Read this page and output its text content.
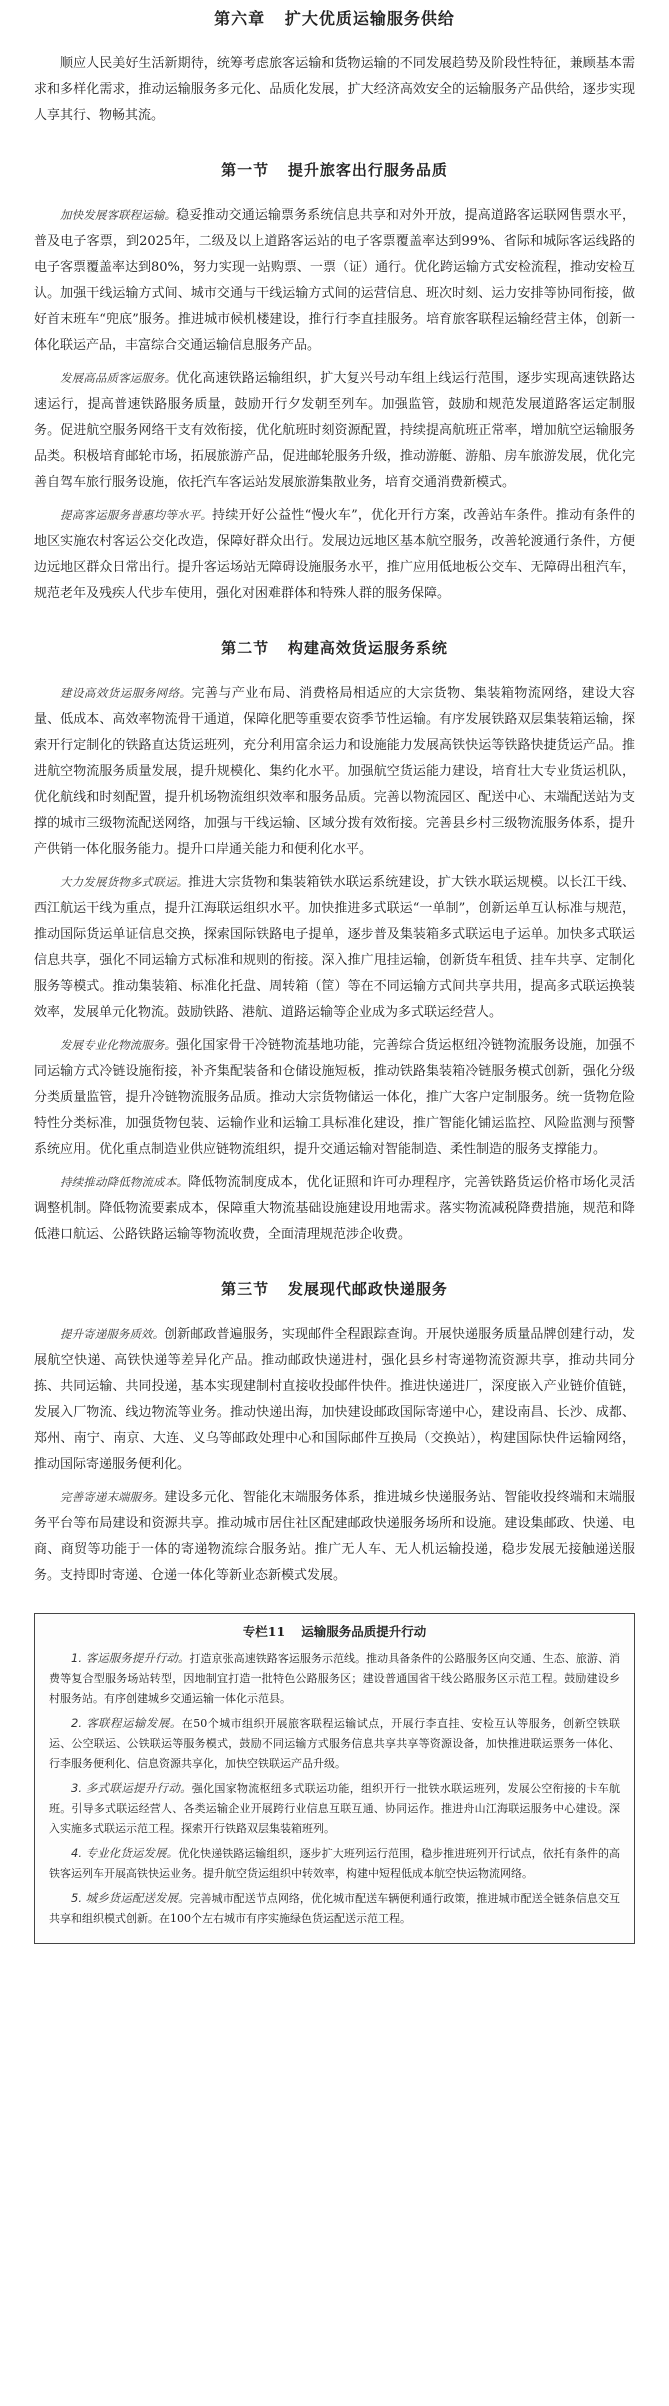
第六章 扩大优质运输服务供给

顺应人民美好生活新期待，统筹考虑旅客运输和货物运输的不同发展趋势及阶段性特征，兼顾基本需求和多样化需求，推动运输服务多元化、品质化发展，扩大经济高效安全的运输服务产品供给，逐步实现人享其行、物畅其流。

第一节 提升旅客出行服务品质

加快发展客联程运输。稳妥推动交通运输票务系统信息共享和对外开放，提高道路客运联网售票水平，普及电子客票，到2025年，二级及以上道路客运站的电子客票覆盖率达到99%、省际和城际客运线路的电子客票覆盖率达到80%，努力实现一站购票、一票（证）通行。优化跨运输方式安检流程，推动安检互认。加强干线运输方式间、城市交通与干线运输方式间的运营信息、班次时刻、运力安排等协同衔接，做好首末班车“兜底”服务。推进城市候机楼建设，推行行李直挂服务。培育旅客联程运输经营主体，创新一体化联运产品，丰富综合交通运输信息服务产品。

发展高品质客运服务。优化高速铁路运输组织，扩大复兴号动车组上线运行范围，逐步实现高速铁路达速运行，提高普速铁路服务质量，鼓励开行夕发朝至列车。加强监管，鼓励和规范发展道路客运定制服务。促进航空服务网络干支有效衔接，优化航班时刻资源配置，持续提高航班正常率，增加航空运输服务品类。积极培育邮轮市场，拓展旅游产品，促进邮轮服务升级，推动游艇、游船、房车旅游发展，优化完善自驾车旅行服务设施，依托汽车客运站发展旅游集散业务，培育交通消费新模式。

提高客运服务普惠均等水平。持续开好公益性“慢火车”，优化开行方案，改善站车条件。推动有条件的地区实施农村客运公交化改造，保障好群众出行。发展边远地区基本航空服务，改善轮渡通行条件，方便边远地区群众日常出行。提升客运场站无障碍设施服务水平，推广应用低地板公交车、无障碍出租汽车，规范老年及残疾人代步车使用，强化对困难群体和特殊人群的服务保障。

第二节 构建高效货运服务系统

建设高效货运服务网络。完善与产业布局、消费格局相适应的大宗货物、集装箱物流网络，建设大容量、低成本、高效率物流骨干通道，保障化肥等重要农资季节性运输。有序发展铁路双层集装箱运输，探索开行定制化的铁路直达货运班列，充分利用富余运力和设施能力发展高铁快运等铁路快捷货运产品。推进航空物流服务质量发展，提升规模化、集约化水平。加强航空货运能力建设，培育壮大专业货运机队，优化航线和时刻配置，提升机场物流组织效率和服务品质。完善以物流园区、配送中心、末端配送站为支撑的城市三级物流配送网络，加强与干线运输、区域分拨有效衔接。完善县乡村三级物流服务体系，提升产供销一体化服务能力。提升口岸通关能力和便利化水平。

大力发展货物多式联运。推进大宗货物和集装箱铁水联运系统建设，扩大铁水联运规模。以长江干线、西江航运干线为重点，提升江海联运组织水平。加快推进多式联运“一单制”，创新运单互认标准与规范，推动国际货运单证信息交换，探索国际铁路电子提单，逐步普及集装箱多式联运电子运单。加快多式联运信息共享，强化不同运输方式标准和规则的衔接。深入推广甩挂运输，创新货车租赁、挂车共享、定制化服务等模式。推动集装箱、标准化托盘、周转箱（筐）等在不同运输方式间共享共用，提高多式联运换装效率，发展单元化物流。鼓励铁路、港航、道路运输等企业成为多式联运经营人。

发展专业化物流服务。强化国家骨干冷链物流基地功能，完善综合货运枢纽冷链物流服务设施，加强不同运输方式冷链设施衔接，补齐集配装备和仓储设施短板，推动铁路集装箱冷链服务模式创新，强化分级分类质量监管，提升冷链物流服务品质。推动大宗货物储运一体化，推广大客户定制服务。统一货物危险特性分类标准，加强货物包装、运输作业和运输工具标准化建设，推广智能化铺运监控、风险监测与预警系统应用。优化重点制造业供应链物流组织，提升交通运输对智能制造、柔性制造的服务支撑能力。

持续推动降低物流成本。降低物流制度成本，优化证照和许可办理程序，完善铁路货运价格市场化灵活调整机制。降低物流要素成本，保障重大物流基础设施建设用地需求。落实物流减税降费措施，规范和降低港口航运、公路铁路运输等物流收费，全面清理规范涉企收费。

第三节 发展现代邮政快递服务

提升寄递服务质效。创新邮政普遍服务，实现邮件全程跟踪查询。开展快递服务质量品牌创建行动，发展航空快递、高铁快递等差异化产品。推动邮政快递进村，强化县乡村寄递物流资源共享，推动共同分拣、共同运输、共同投递，基本实现建制村直接收投邮件快件。推进快递进厂，深度嵌入产业链价值链，发展入厂物流、线边物流等业务。推动快递出海，加快建设邮政国际寄递中心，建设南昌、长沙、成都、郑州、南宁、南京、大连、义乌等邮政处理中心和国际邮件互换局（交换站），构建国际快件运输网络，推动国际寄递服务便利化。

完善寄递末端服务。建设多元化、智能化末端服务体系，推进城乡快递服务站、智能收投终端和末端服务平台等布局建设和资源共享。推动城市居住社区配建邮政快递服务场所和设施。建设集邮政、快递、电商、商贸等功能于一体的寄递物流综合服务站。推广无人车、无人机运输投递，稳步发展无接触递送服务。支持即时寄递、仓递一体化等新业态新模式发展。

专栏11 运输服务品质提升行动

1. 客运服务提升行动。打造京张高速铁路客运服务示范线。推动具备条件的公路服务区向交通、生态、旅游、消费等复合型服务场站转型，因地制宜打造一批特色公路服务区；建设普通国省干线公路服务区示范工程。鼓励建设乡村服务站。有序创建城乡交通运输一体化示范县。

2. 客联程运输发展。在50个城市组织开展旅客联程运输试点，开展行李直挂、安检互认等服务，创新空铁联运、公空联运、公铁联运等服务模式，鼓励不同运输方式服务信息共享共享等资源设备，加快推进联运票务一体化、行李服务便利化、信息资源共享化，加快空铁联运产品升级。

3. 多式联运提升行动。强化国家物流枢纽多式联运功能，组织开行一批铁水联运班列，发展公空衔接的卡车航班。引导多式联运经营人、各类运输企业开展跨行业信息互联互通、协同运作。推进舟山江海联运服务中心建设。深入实施多式联运示范工程。探索开行铁路双层集装箱班列。

4. 专业化货运发展。优化快递铁路运输组织，逐步扩大班列运行范围，稳步推进班列开行试点，依托有条件的高铁客运列车开展高铁快运业务。提升航空货运组织中转效率，构建中短程低成本航空快运物流网络。

5. 城乡货运配送发展。完善城市配送节点网络，优化城市配送车辆便利通行政策，推进城市配送全链条信息交互共享和组织模式创新。在100个左右城市有序实施绿色货运配送示范工程。
